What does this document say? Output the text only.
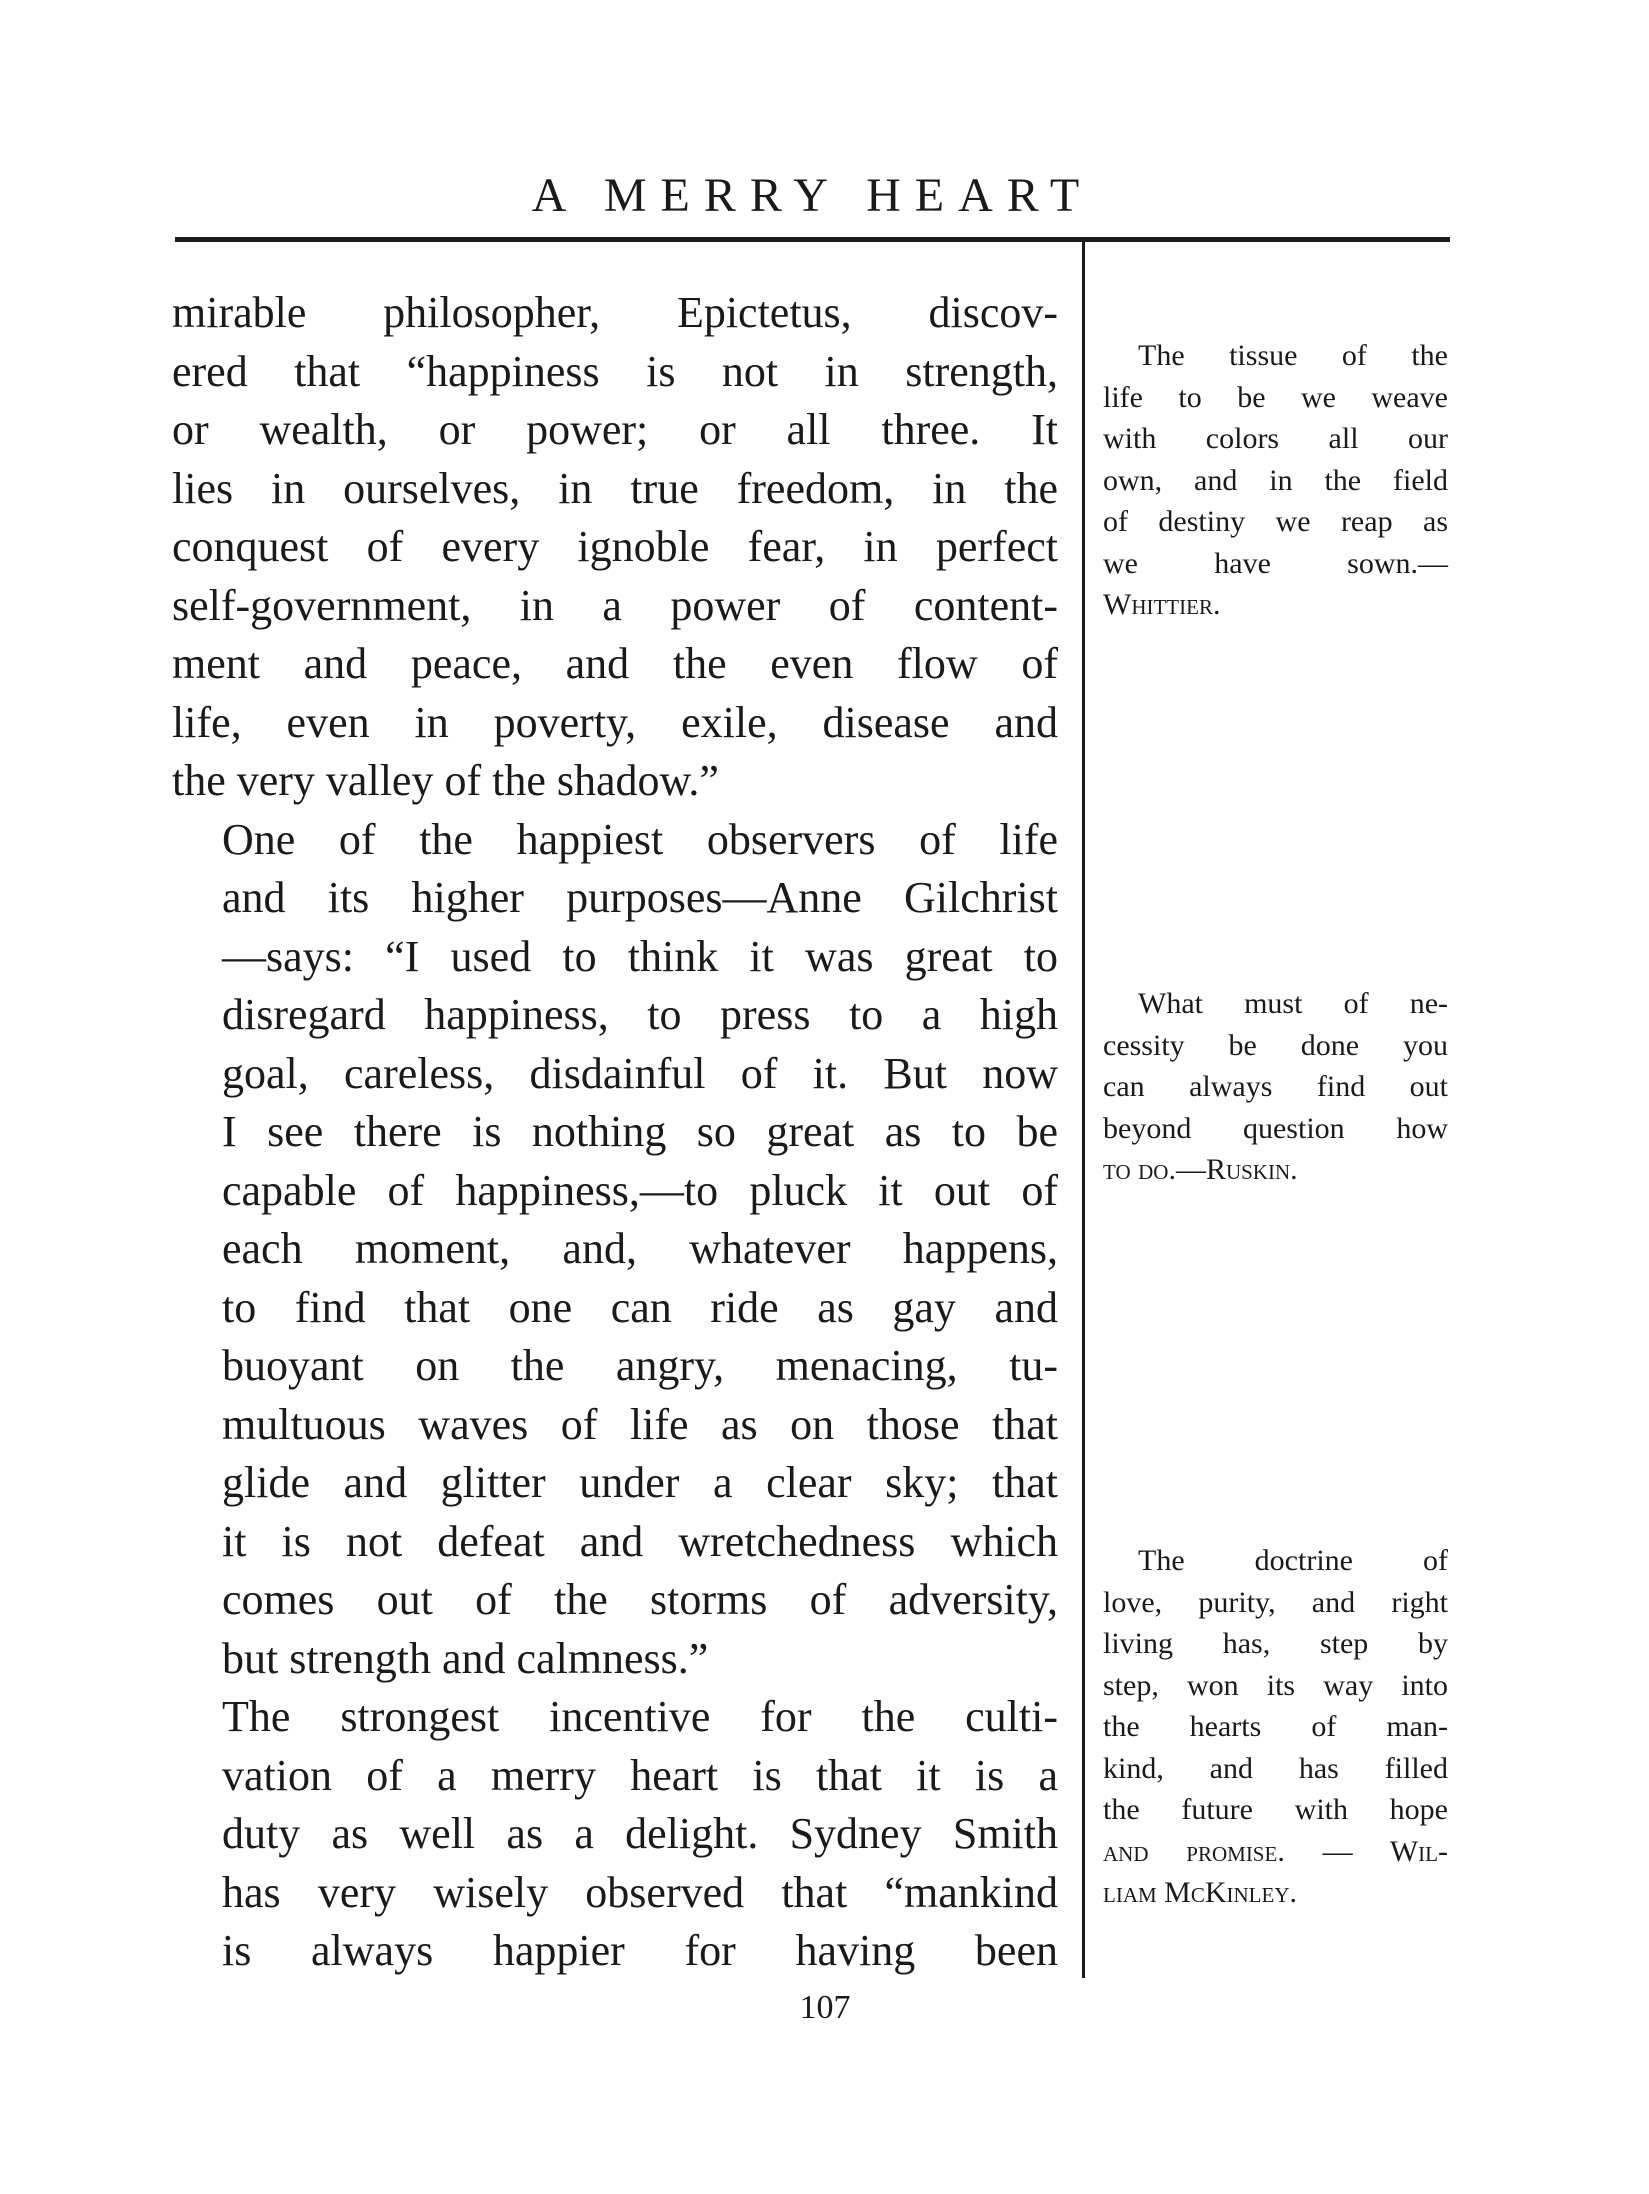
A MERRY HEART

mirable philosopher, Epictetus, discov-
ered that “happiness is not in strength,
or wealth, or power; or all three. It
lies in ourselves, in true freedom, in the
conquest of every ignoble fear, in perfect
self-government, in a power of content-
ment and peace, and the even flow of
life, even in poverty, exile, disease and
the very valley of the shadow.”

One of the happiest observers of life
and its higher purposes—Anne Gilchrist
—says: “I used to think it was great to
disregard happiness, to press to a high
goal, careless, disdainful of it. But now
I see there is nothing so great as to be
capable of happiness,—to pluck it out of
each moment, and, whatever happens,
to find that one can ride as gay and
buoyant on the angry, menacing, tu-
multuous waves of life as on those that
glide and glitter under a clear sky; that
it is not defeat and wretchedness which
comes out of the storms of adversity,
but strength and calmness.”

The strongest incentive for the culti-
vation of a merry heart is that it is a
duty as well as a delight. Sydney Smith
has very wisely observed that “mankind
is always happier for having been

The tissue of the
life to be we weave
with colors all our
own, and in the field
of destiny we reap as
we have sown.—
Whittier.
What must of ne-
cessity be done you
can always find out
beyond question how
to do.—Ruskin.
The doctrine of
love, purity, and right
living has, step by
step, won its way into
the hearts of man-
kind, and has filled
the future with hope
and promise. — Wil-
liam McKinley.
107
